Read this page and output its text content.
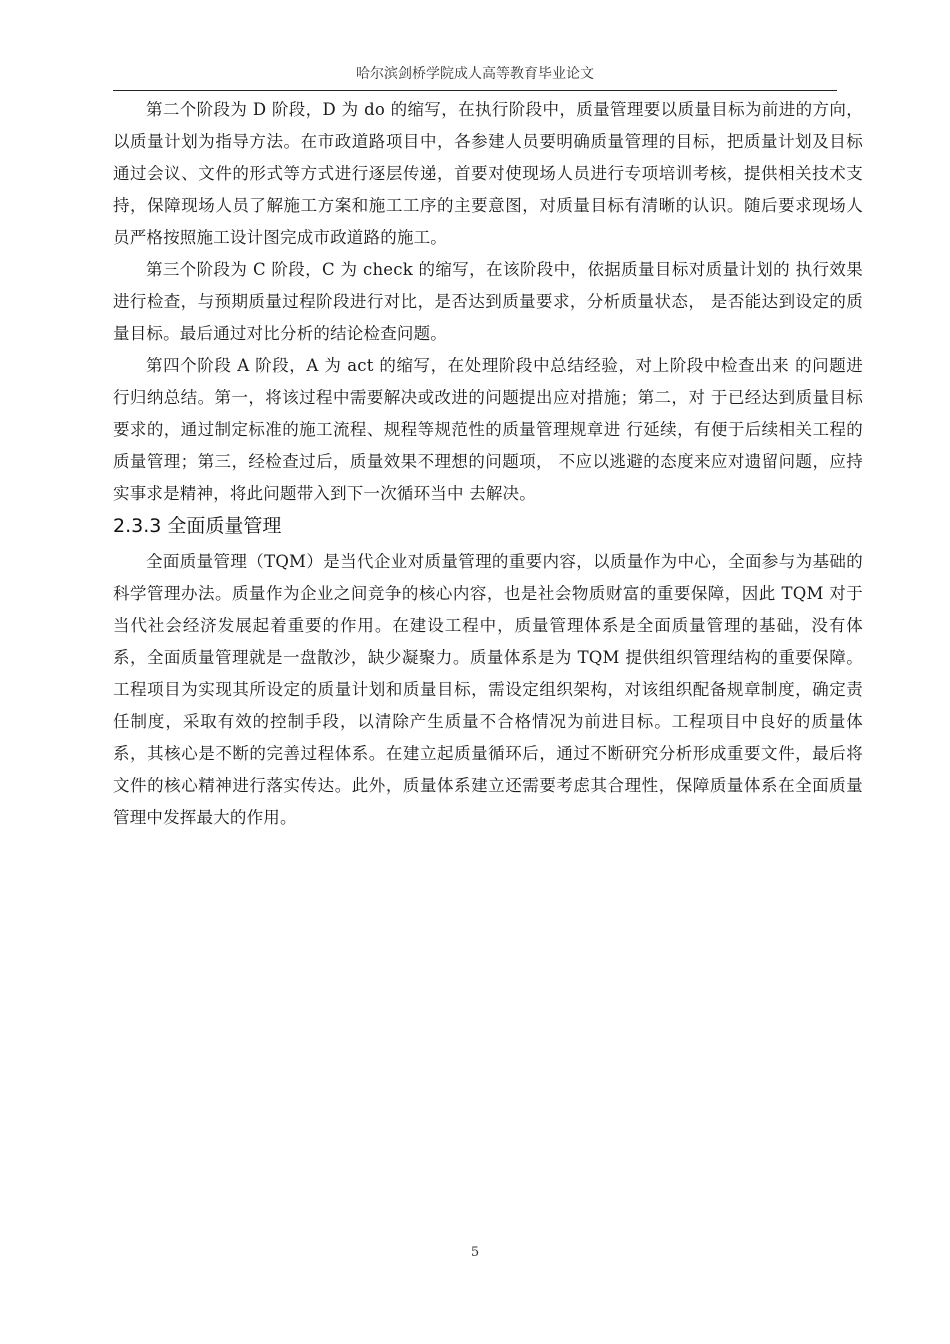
哈尔滨剑桥学院成人高等教育毕业论文

第二个阶段为 D 阶段，D 为 do 的缩写，在执行阶段中，质量管理要以质量目标为前进的方向，以质量计划为指导方法。在市政道路项目中，各参建人员要明确质量管理的目标，把质量计划及目标通过会议、文件的形式等方式进行逐层传递，首要对使现场人员进行专项培训考核，提供相关技术支持，保障现场人员了解施工方案和施工工序的主要意图，对质量目标有清晰的认识。随后要求现场人员严格按照施工设计图完成市政道路的施工。

第三个阶段为 C 阶段，C 为 check 的缩写，在该阶段中，依据质量目标对质量计划的 执行效果进行检查，与预期质量过程阶段进行对比，是否达到质量要求，分析质量状态， 是否能达到设定的质量目标。最后通过对比分析的结论检查问题。

第四个阶段 A 阶段，A 为 act 的缩写，在处理阶段中总结经验，对上阶段中检查出来 的问题进行归纳总结。第一，将该过程中需要解决或改进的问题提出应对措施；第二，对 于已经达到质量目标要求的，通过制定标准的施工流程、规程等规范性的质量管理规章进 行延续，有便于后续相关工程的质量管理；第三，经检查过后，质量效果不理想的问题项， 不应以逃避的态度来应对遗留问题，应持实事求是精神，将此问题带入到下一次循环当中 去解决。

2.3.3 全面质量管理

全面质量管理（TQM）是当代企业对质量管理的重要内容，以质量作为中心，全面参与为基础的科学管理办法。质量作为企业之间竞争的核心内容，也是社会物质财富的重要保障，因此 TQM 对于当代社会经济发展起着重要的作用。在建设工程中，质量管理体系是全面质量管理的基础，没有体系，全面质量管理就是一盘散沙，缺少凝聚力。质量体系是为 TQM 提供组织管理结构的重要保障。工程项目为实现其所设定的质量计划和质量目标，需设定组织架构，对该组织配备规章制度，确定责任制度，采取有效的控制手段，以清除产生质量不合格情况为前进目标。工程项目中良好的质量体系，其核心是不断的完善过程体系。在建立起质量循环后，通过不断研究分析形成重要文件，最后将文件的核心精神进行落实传达。此外，质量体系建立还需要考虑其合理性，保障质量体系在全面质量管理中发挥最大的作用。

5
